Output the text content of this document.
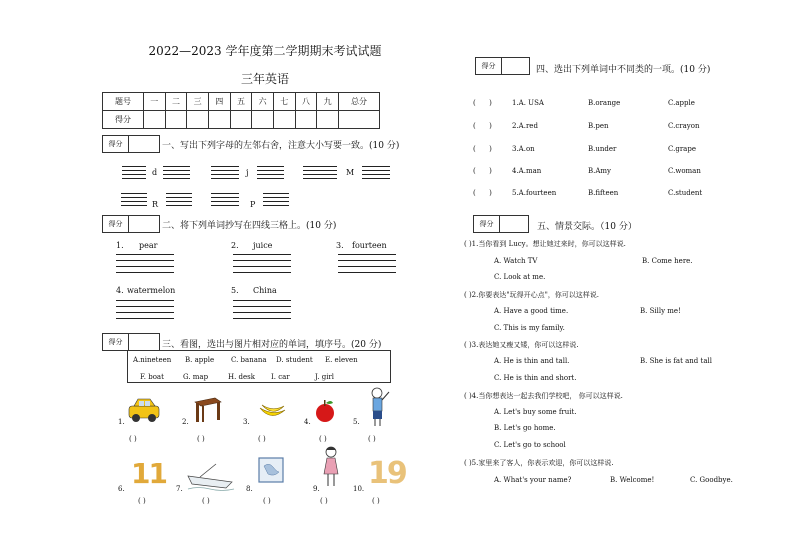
2022—2023 学年度第二学期期末考试试题
三年英语
题号	一	二	三	四	五	六	七	八	九	总分
得分										
得分	一、写出下列字母的左邻右舍，注意大小写要一致。(10 分)
d	j	M
R	P
得分	二、将下列单词抄写在四线三格上。(10 分)
1. pear	2. juice	3. fourteen
4. watermelon	5. China
得分	三、看图，选出与图片相对应的单词，填序号。(20 分)
A.nineteen B. apple C. banana D. student E. eleven
F. boat	G. map	H. desk I. car	J. girl
1.
( )
2.
( )
3.
( )
4.
( )
5.
( )
6. 11
( )
7.
( )
8.
( )
9.
( )
10. 19
( )
得分	四、选出下列单词中不同类的一项。(10 分)
(      )	1.A. USA	B.orange	C.apple
(      )	2.A.red	B.pen	C.crayon
(      )	3.A.on	B.under	C.grape
(      )	4.A.man	B.Amy	C.woman
(      )	5.A.fourteen	B.fifteen	C.student
得分	五、情景交际。（10 分）
( )1.当你看到 Lucy。想让她过来时，你可以这样说.
A. Watch TV	B. Come here.
C. Look at me.
( )2.你要表达"玩得开心点"，你可以这样说.
A. Have a good time.	B. Silly me!
C. This is my family.
( )3.表达她又瘦又矮，你可以这样说.
A. He is thin and tall.	B. She is fat and tall
C. He is thin and short.
( )4.当你想表达一起去我们学校吧， 你可以这样说.
A. Let's buy some fruit.
B. Let's go home.
C. Let's go to school
( )5.家里来了客人，你表示欢迎，你可以这样说.
A. What's your name?	B. Welcome!	C. Goodbye.
